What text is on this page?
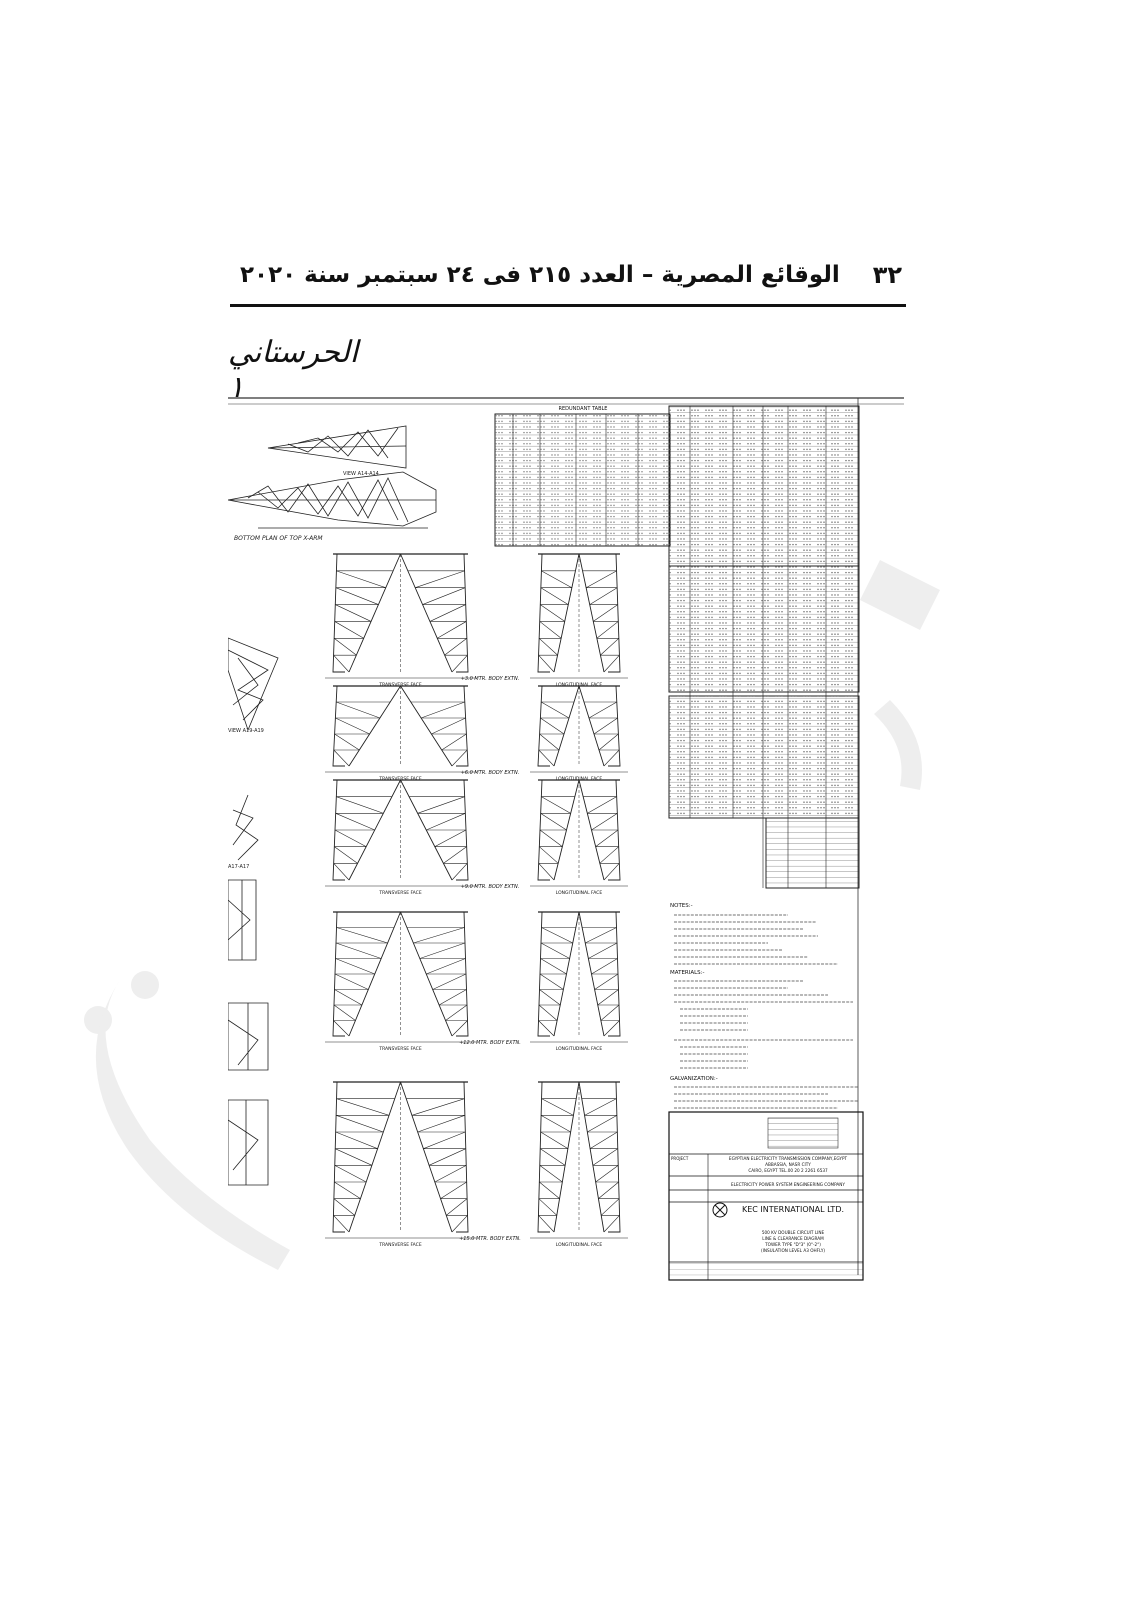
٣٢
الوقائع المصرية – العدد ٢١٥ فى ٢٤ سبتمبر سنة ٢٠٢٠
الحرستاني ١
VIEW A14-A14
BOTTOM PLAN OF TOP X-ARM
REDUNDANT TABLE
NOTES:-
MATERIALS:-
GALVANIZATION:-
PROJECT	EGYPTIAN ELECTRICITY TRANSMISSION COMPANY,EGYPT
ABBASSIA, NASR CITY
CAIRO, EGYPT TEL.00 20 2 2261 6537
ELECTRICITY POWER SYSTEM ENGINEERING COMPANY
KEC INTERNATIONAL LTD.
500 KV DOUBLE CIRCUIT LINE
LINE & CLEARANCE DIAGRAM
TOWER TYPE "D"3" (0°-2°)
(INSULATION LEVEL A3 OHFLY)
TRANSVERSE FACE	LONGITUDINAL FACE
+3.0 MTR. BODY EXTN.
TRANSVERSE FACE	LONGITUDINAL FACE
+6.0 MTR. BODY EXTN.
TRANSVERSE FACE	LONGITUDINAL FACE
+9.0 MTR. BODY EXTN.
TRANSVERSE FACE	LONGITUDINAL FACE
+12.0 MTR. BODY EXTN.
TRANSVERSE FACE	LONGITUDINAL FACE
+15.0 MTR. BODY EXTN.
VIEW A19-A19
A17-A17
